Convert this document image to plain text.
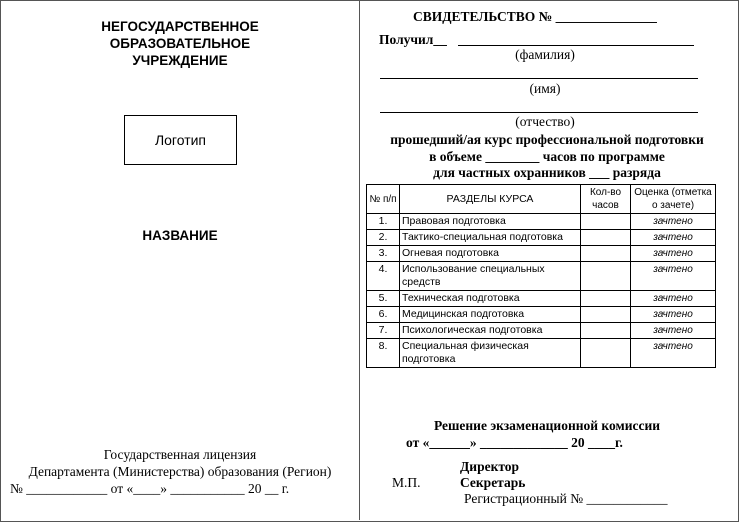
НЕГОСУДАРСТВЕННОЕ
ОБРАЗОВАТЕЛЬНОЕ
УЧРЕЖДЕНИЕ
Логотип
НАЗВАНИЕ
Государственная лицензия
Департамента (Министерства) образования (Регион)
№ ____________ от «____» ___________ 20 __ г.
СВИДЕТЕЛЬСТВО № _______________
Получил__
(фамилия)
(имя)
(отчество)
прошедший/ая курс профессиональной подготовки
в объеме ________ часов по программе
для частных охранников ___ разряда
№ п/п	РАЗДЕЛЫ КУРСА	Кол-во часов	Оценка (отметка о зачете)
1.	Правовая подготовка		зачтено
2.	Тактико-специальная подготовка		зачтено
3.	Огневая подготовка		зачтено
4.	Использование специальных средств		зачтено
5.	Техническая подготовка		зачтено
6.	Медицинская подготовка		зачтено
7.	Психологическая подготовка		зачтено
8.	Специальная физическая подготовка		зачтено
Решение экзаменационной комиссии
от «______» _____________ 20 ____г.
М.П.
Директор
Секретарь
Регистрационный № ____________
